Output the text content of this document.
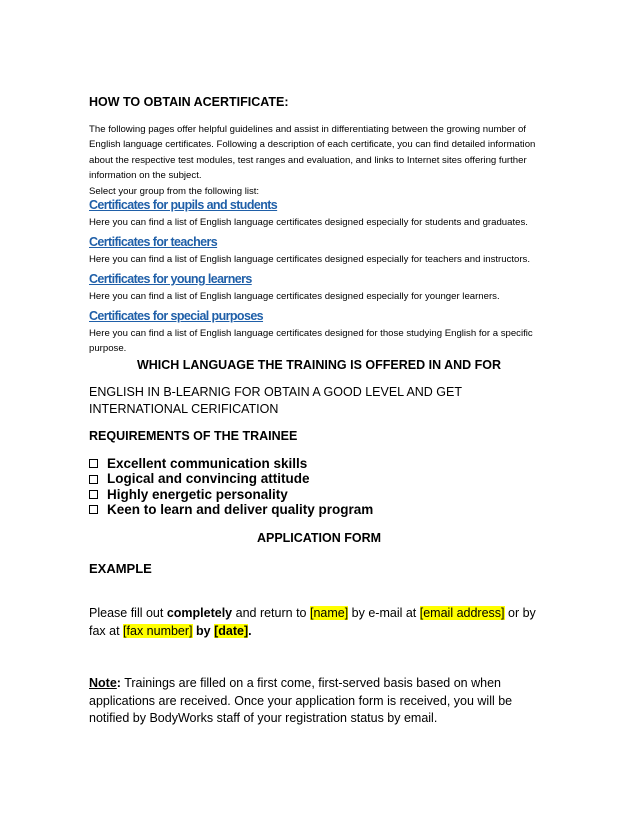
HOW TO OBTAIN ACERTIFICATE:
The following pages offer helpful guidelines and assist in differentiating between the growing number of English language certificates. Following a description of each certificate, you can find detailed information about the respective test modules, test ranges and evaluation, and links to Internet sites offering further information on the subject.
Select your group from the following list:
Certificates for pupils and students

Here you can find a list of English language certificates designed especially for students and graduates.

Certificates for teachers

Here you can find a list of English language certificates designed especially for teachers and instructors.

Certificates for young learners

Here you can find a list of English language certificates designed especially for younger learners.

Certificates for special purposes

Here you can find a list of English language certificates designed for those studying English for a specific purpose.

WHICH LANGUAGE THE TRAINING IS OFFERED IN AND FOR

ENGLISH IN B-LEARNIG FOR OBTAIN A GOOD LEVEL AND GET INTERNATIONAL CERIFICATION

REQUIREMENTS OF THE TRAINEE
Excellent communication skills
Logical and convincing attitude
Highly energetic personality
Keen to learn and deliver quality program
APPLICATION FORM
EXAMPLE

Please fill out completely and return to [name] by e-mail at [email address] or by fax at [fax number] by [date].

Note: Trainings are filled on a first come, first-served basis based on when applications are received. Once your application form is received, you will be notified by BodyWorks staff of your registration status by email.
